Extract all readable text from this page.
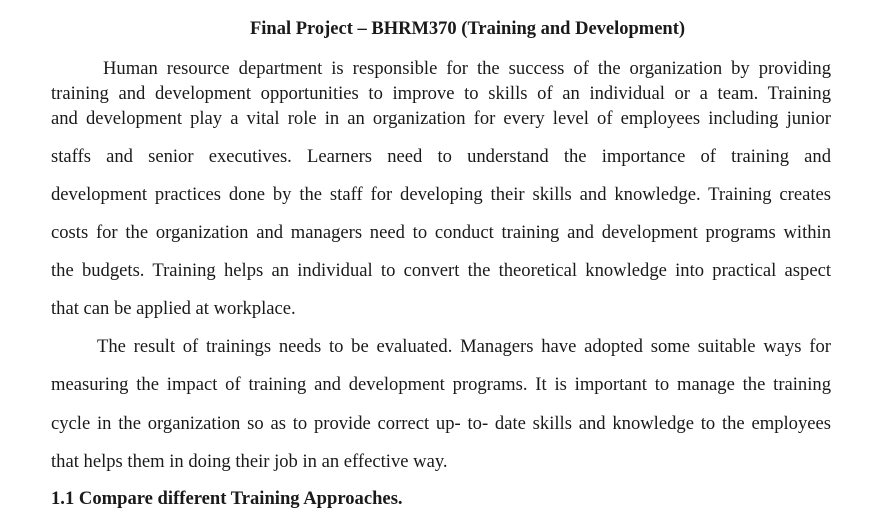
Final Project – BHRM370 (Training and Development)
Human resource department is responsible for the success of the organization by providing
training and development opportunities to improve to skills of an individual or a team. Training
and development play a vital role in an organization for every level of employees including junior
staffs and senior executives. Learners need to understand the importance of training and
development practices done by the staff for developing their skills and knowledge. Training creates
costs for the organization and managers need to conduct training and development programs within
the budgets. Training helps an individual to convert the theoretical knowledge into practical aspect
that can be applied at workplace.
The result of trainings needs to be evaluated. Managers have adopted some suitable ways for
measuring the impact of training and development programs. It is important to manage the training
cycle in the organization so as to provide correct up- to- date skills and knowledge to the employees
that helps them in doing their job in an effective way.
1.1 Compare different Training Approaches.
